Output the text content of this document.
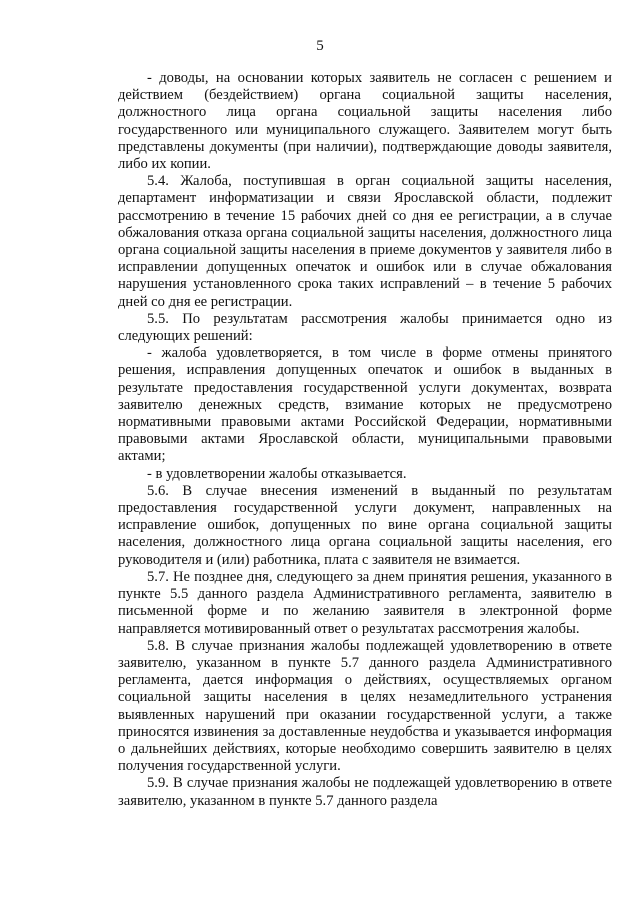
5

- доводы, на основании которых заявитель не согласен с решением и действием (бездействием) органа социальной защиты населения, должностного лица органа социальной защиты населения либо государственного или муниципального служащего. Заявителем могут быть представлены документы (при наличии), подтверждающие доводы заявителя, либо их копии.

5.4. Жалоба, поступившая в орган социальной защиты населения, департамент информатизации и связи Ярославской области, подлежит рассмотрению в течение 15 рабочих дней со дня ее регистрации, а в случае обжалования отказа органа социальной защиты населения, должностного лица органа социальной защиты населения в приеме документов у заявителя либо в исправлении допущенных опечаток и ошибок или в случае обжалования нарушения установленного срока таких исправлений – в течение 5 рабочих дней со дня ее регистрации.

5.5. По результатам рассмотрения жалобы принимается одно из следующих решений:

- жалоба удовлетворяется, в том числе в форме отмены принятого решения, исправления допущенных опечаток и ошибок в выданных в результате предоставления государственной услуги документах, возврата заявителю денежных средств, взимание которых не предусмотрено нормативными правовыми актами Российской Федерации, нормативными правовыми актами Ярославской области, муниципальными правовыми актами;

- в удовлетворении жалобы отказывается.

5.6. В случае внесения изменений в выданный по результатам предоставления государственной услуги документ, направленных на исправление ошибок, допущенных по вине органа социальной защиты населения, должностного лица органа социальной защиты населения, его руководителя и (или) работника, плата с заявителя не взимается.

5.7. Не позднее дня, следующего за днем принятия решения, указанного в пункте 5.5 данного раздела Административного регламента, заявителю в письменной форме и по желанию заявителя в электронной форме направляется мотивированный ответ о результатах рассмотрения жалобы.

5.8. В случае признания жалобы подлежащей удовлетворению в ответе заявителю, указанном в пункте 5.7 данного раздела Административного регламента, дается информация о действиях, осуществляемых органом социальной защиты населения в целях незамедлительного устранения выявленных нарушений при оказании государственной услуги, а также приносятся извинения за доставленные неудобства и указывается информация о дальнейших действиях, которые необходимо совершить заявителю в целях получения государственной услуги.

5.9. В случае признания жалобы не подлежащей удовлетворению в ответе заявителю, указанном в пункте 5.7 данного раздела
